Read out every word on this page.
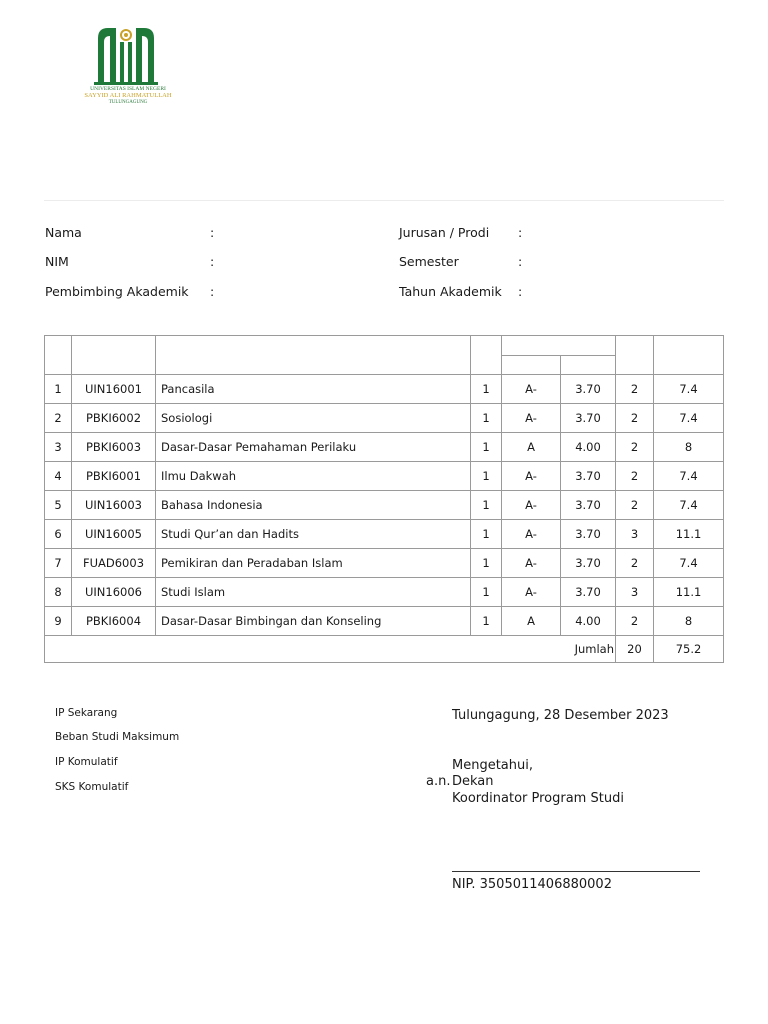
UNIVERSITAS ISLAM NEGERI
SAYYID ALI RAHMATULLAH
TULUNGAGUNG
Nama	:
NIM	:
Pembimbing Akademik :
Jurusan / Prodi :
Semester	:
Tahun Akademik :

1	UIN16001	Pancasila	1	A-	3.70	2	7.4
2	PBKI6002	Sosiologi	1	A-	3.70	2	7.4
3	PBKI6003	Dasar-Dasar Pemahaman Perilaku	1	A	4.00	2	8
4	PBKI6001	Ilmu Dakwah	1	A-	3.70	2	7.4
5	UIN16003	Bahasa Indonesia	1	A-	3.70	2	7.4
6	UIN16005	Studi Qur’an dan Hadits	1	A-	3.70	3	11.1
7	FUAD6003	Pemikiran dan Peradaban Islam	1	A-	3.70	2	7.4
8	UIN16006	Studi Islam	1	A-	3.70	3	11.1
9	PBKI6004	Dasar-Dasar Bimbingan dan Konseling	1	A	4.00	2	8
Jumlah						20	75.2
IP Sekarang
Beban Studi Maksimum
IP Komulatif
SKS Komulatif
Tulungagung, 28 Desember 2023
Mengetahui,
a.n. Dekan
Koordinator Program Studi
NIP. 3505011406880002
